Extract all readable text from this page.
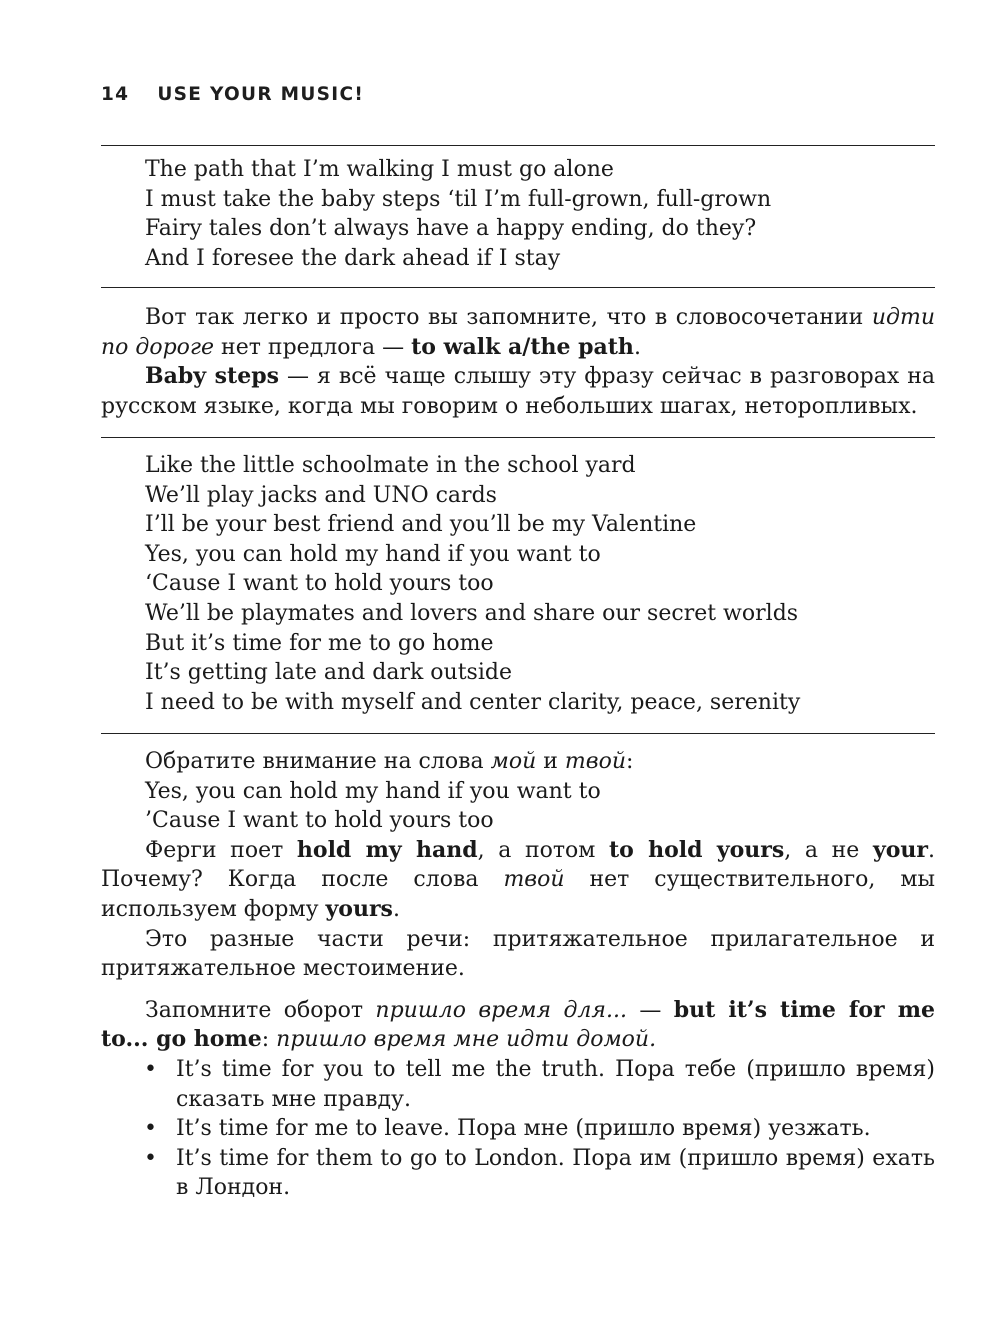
14 USE YOUR MUSIC!
The path that I’m walking I must go alone
I must take the baby steps ‘til I’m full-grown, full-grown
Fairy tales don’t always have a happy ending, do they?
And I foresee the dark ahead if I stay

Вот так легко и просто вы запомните, что в словосочетании идти по дороге нет предлога — to walk a/the path.

Baby steps — я всё чаще слышу эту фразу сейчас в разговорах на русском языке, когда мы говорим о небольших шагах, неторопливых.

Like the little schoolmate in the school yard
We’ll play jacks and UNO cards
I’ll be your best friend and you’ll be my Valentine
Yes, you can hold my hand if you want to
‘Cause I want to hold yours too
We’ll be playmates and lovers and share our secret worlds
But it’s time for me to go home
It’s getting late and dark outside
I need to be with myself and center clarity, peace, serenity

Обратите внимание на слова мой и твой:

Yes, you can hold my hand if you want to

’Cause I want to hold yours too

Ферги поет hold my hand, а потом to hold yours, а не your. Почему? Когда после слова твой нет существительного, мы используем форму yours.

Это разные части речи: притяжательное прилагательное и притяжательное местоимение.

Запомните оборот пришло время для... — but it’s time for me to... go home: пришло время мне идти домой.

• It’s time for you to tell me the truth. Пора тебе (пришло время) сказать мне правду.
• It’s time for me to leave. Пора мне (пришло время) уезжать.
• It’s time for them to go to London. Пора им (пришло время) ехать в Лондон.
